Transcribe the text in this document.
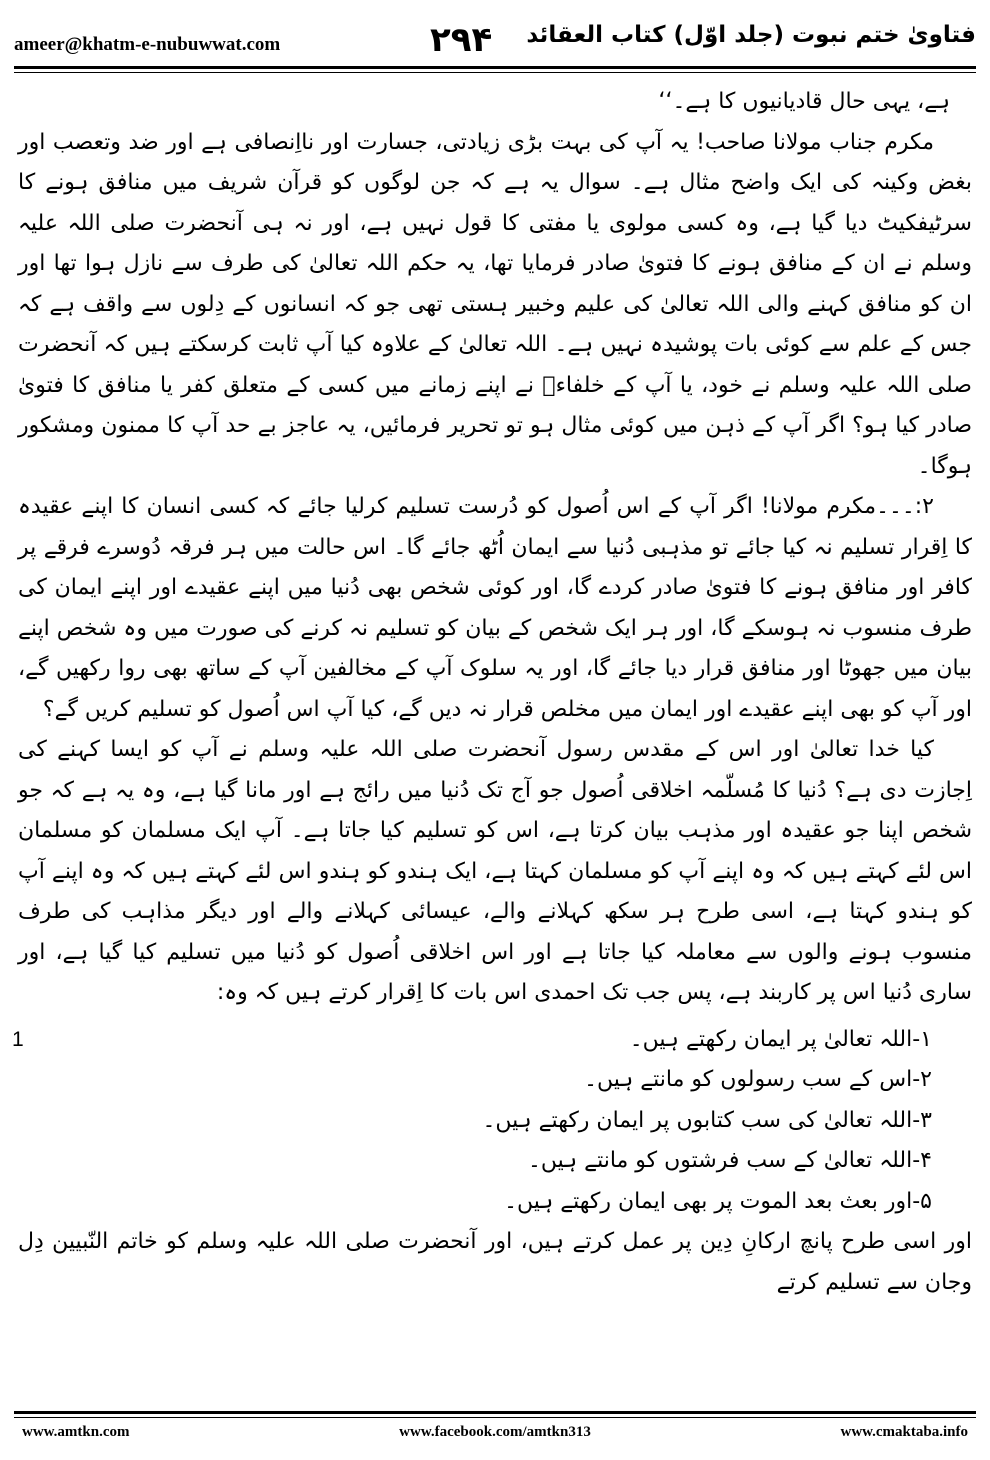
ameer@khatm-e-nubuwwat.com	۲۹۴ فتاویٰ ختم نبوت (جلد اوّل) کتاب العقائد

ہے، یہی حال قادیانیوں کا ہے۔‘‘

مکرم جناب مولانا صاحب! یہ آپ کی بہت بڑی زیادتی، جسارت اور نااِنصافی ہے اور ضد وتعصب اور بغض وکینہ کی ایک واضح مثال ہے۔ سوال یہ ہے کہ جن لوگوں کو قرآن شریف میں منافق ہونے کا سرٹیفکیٹ دیا گیا ہے، وہ کسی مولوی یا مفتی کا قول نہیں ہے، اور نہ ہی آنحضرت صلی اللہ علیہ وسلم نے ان کے منافق ہونے کا فتویٰ صادر فرمایا تھا، یہ حکم اللہ تعالیٰ کی طرف سے نازل ہوا تھا اور ان کو منافق کہنے والی اللہ تعالیٰ کی علیم وخبیر ہستی تھی جو کہ انسانوں کے دِلوں سے واقف ہے کہ جس کے علم سے کوئی بات پوشیدہ نہیں ہے۔ اللہ تعالیٰ کے علاوہ کیا آپ ثابت کرسکتے ہیں کہ آنحضرت صلی اللہ علیہ وسلم نے خود، یا آپ کے خلفاءؓ نے اپنے زمانے میں کسی کے متعلق کفر یا منافق کا فتویٰ صادر کیا ہو؟ اگر آپ کے ذہن میں کوئی مثال ہو تو تحریر فرمائیں، یہ عاجز بے حد آپ کا ممنون ومشکور ہوگا۔

۲:۔۔۔مکرم مولانا! اگر آپ کے اس اُصول کو دُرست تسلیم کرلیا جائے کہ کسی انسان کا اپنے عقیدہ کا اِقرار تسلیم نہ کیا جائے تو مذہبی دُنیا سے ایمان اُٹھ جائے گا۔ اس حالت میں ہر فرقہ دُوسرے فرقے پر کافر اور منافق ہونے کا فتویٰ صادر کردے گا، اور کوئی شخص بھی دُنیا میں اپنے عقیدے اور اپنے ایمان کی طرف منسوب نہ ہوسکے گا، اور ہر ایک شخص کے بیان کو تسلیم نہ کرنے کی صورت میں وہ شخص اپنے بیان میں جھوٹا اور منافق قرار دیا جائے گا، اور یہ سلوک آپ کے مخالفین آپ کے ساتھ بھی روا رکھیں گے، اور آپ کو بھی اپنے عقیدے اور ایمان میں مخلص قرار نہ دیں گے، کیا آپ اس اُصول کو تسلیم کریں گے؟

کیا خدا تعالیٰ اور اس کے مقدس رسول آنحضرت صلی اللہ علیہ وسلم نے آپ کو ایسا کہنے کی اِجازت دی ہے؟ دُنیا کا مُسلّمہ اخلاقی اُصول جو آج تک دُنیا میں رائج ہے اور مانا گیا ہے، وہ یہ ہے کہ جو شخص اپنا جو عقیدہ اور مذہب بیان کرتا ہے، اس کو تسلیم کیا جاتا ہے۔ آپ ایک مسلمان کو مسلمان اس لئے کہتے ہیں کہ وہ اپنے آپ کو مسلمان کہتا ہے، ایک ہندو کو ہندو اس لئے کہتے ہیں کہ وہ اپنے آپ کو ہندو کہتا ہے، اسی طرح ہر سکھ کہلانے والے، عیسائی کہلانے والے اور دیگر مذاہب کی طرف منسوب ہونے والوں سے معاملہ کیا جاتا ہے اور اس اخلاقی اُصول کو دُنیا میں تسلیم کیا گیا ہے، اور ساری دُنیا اس پر کاربند ہے، پس جب تک احمدی اس بات کا اِقرار کرتے ہیں کہ وہ:

۱-اللہ تعالیٰ پر ایمان رکھتے ہیں۔
1
۲-اس کے سب رسولوں کو مانتے ہیں۔
۳-اللہ تعالیٰ کی سب کتابوں پر ایمان رکھتے ہیں۔
۴-اللہ تعالیٰ کے سب فرشتوں کو مانتے ہیں۔
۵-اور بعث بعد الموت پر بھی ایمان رکھتے ہیں۔

اور اسی طرح پانچ ارکانِ دِین پر عمل کرتے ہیں، اور آنحضرت صلی اللہ علیہ وسلم کو خاتم النّبیین دِل وجان سے تسلیم کرتے

www.amtkn.com	www.facebook.com/amtkn313	www.cmaktaba.info
